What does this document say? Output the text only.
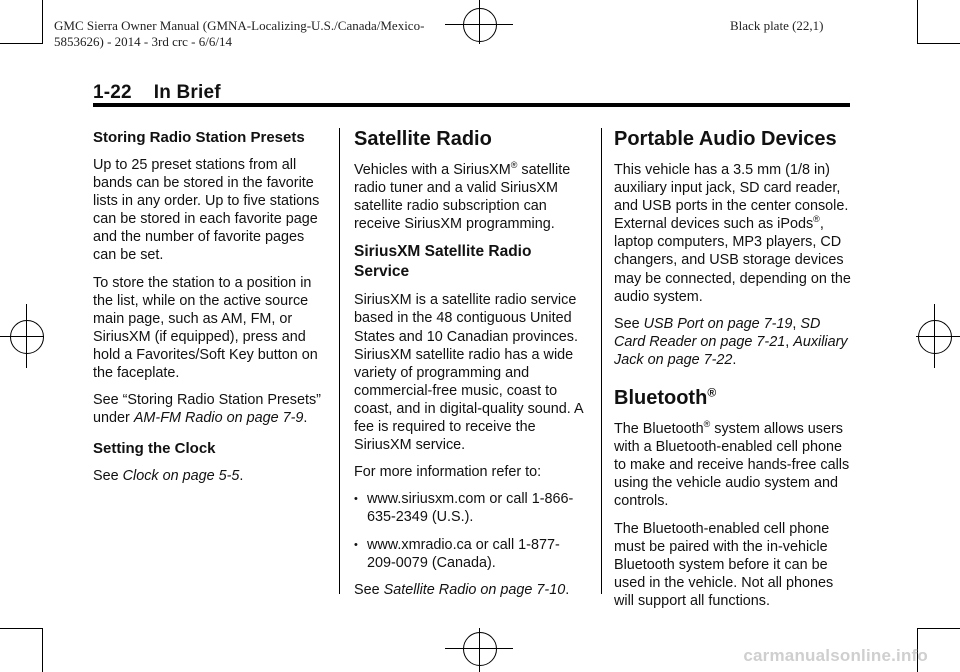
GMC Sierra Owner Manual (GMNA-Localizing-U.S./Canada/Mexico-
5853626) - 2014 - 3rd crc - 6/6/14
Black plate (22,1)
1-22    In Brief
Storing Radio Station Presets

Up to 25 preset stations from all bands can be stored in the favorite lists in any order. Up to five stations can be stored in each favorite page and the number of favorite pages can be set.

To store the station to a position in the list, while on the active source main page, such as AM, FM, or SiriusXM (if equipped), press and hold a Favorites/Soft Key button on the faceplate.

See “Storing Radio Station Presets” under AM-FM Radio on page 7-9.

Setting the Clock

See Clock on page 5-5.

Satellite Radio

Vehicles with a SiriusXM® satellite radio tuner and a valid SiriusXM satellite radio subscription can receive SiriusXM programming.

SiriusXM Satellite Radio Service

SiriusXM is a satellite radio service based in the 48 contiguous United States and 10 Canadian provinces. SiriusXM satellite radio has a wide variety of programming and commercial-free music, coast to coast, and in digital-quality sound. A fee is required to receive the SiriusXM service.

For more information refer to:

• www.siriusxm.com or call 1-866-635-2349 (U.S.).
• www.xmradio.ca or call 1-877-209-0079 (Canada).

See Satellite Radio on page 7-10.

Portable Audio Devices

This vehicle has a 3.5 mm (1/8 in) auxiliary input jack, SD card reader, and USB ports in the center console. External devices such as iPods®, laptop computers, MP3 players, CD changers, and USB storage devices may be connected, depending on the audio system.

See USB Port on page 7-19, SD Card Reader on page 7-21, Auxiliary Jack on page 7-22.

Bluetooth®

The Bluetooth® system allows users with a Bluetooth-enabled cell phone to make and receive hands-free calls using the vehicle audio system and controls.

The Bluetooth-enabled cell phone must be paired with the in-vehicle Bluetooth system before it can be used in the vehicle. Not all phones will support all functions.

carmanualsonline.info
